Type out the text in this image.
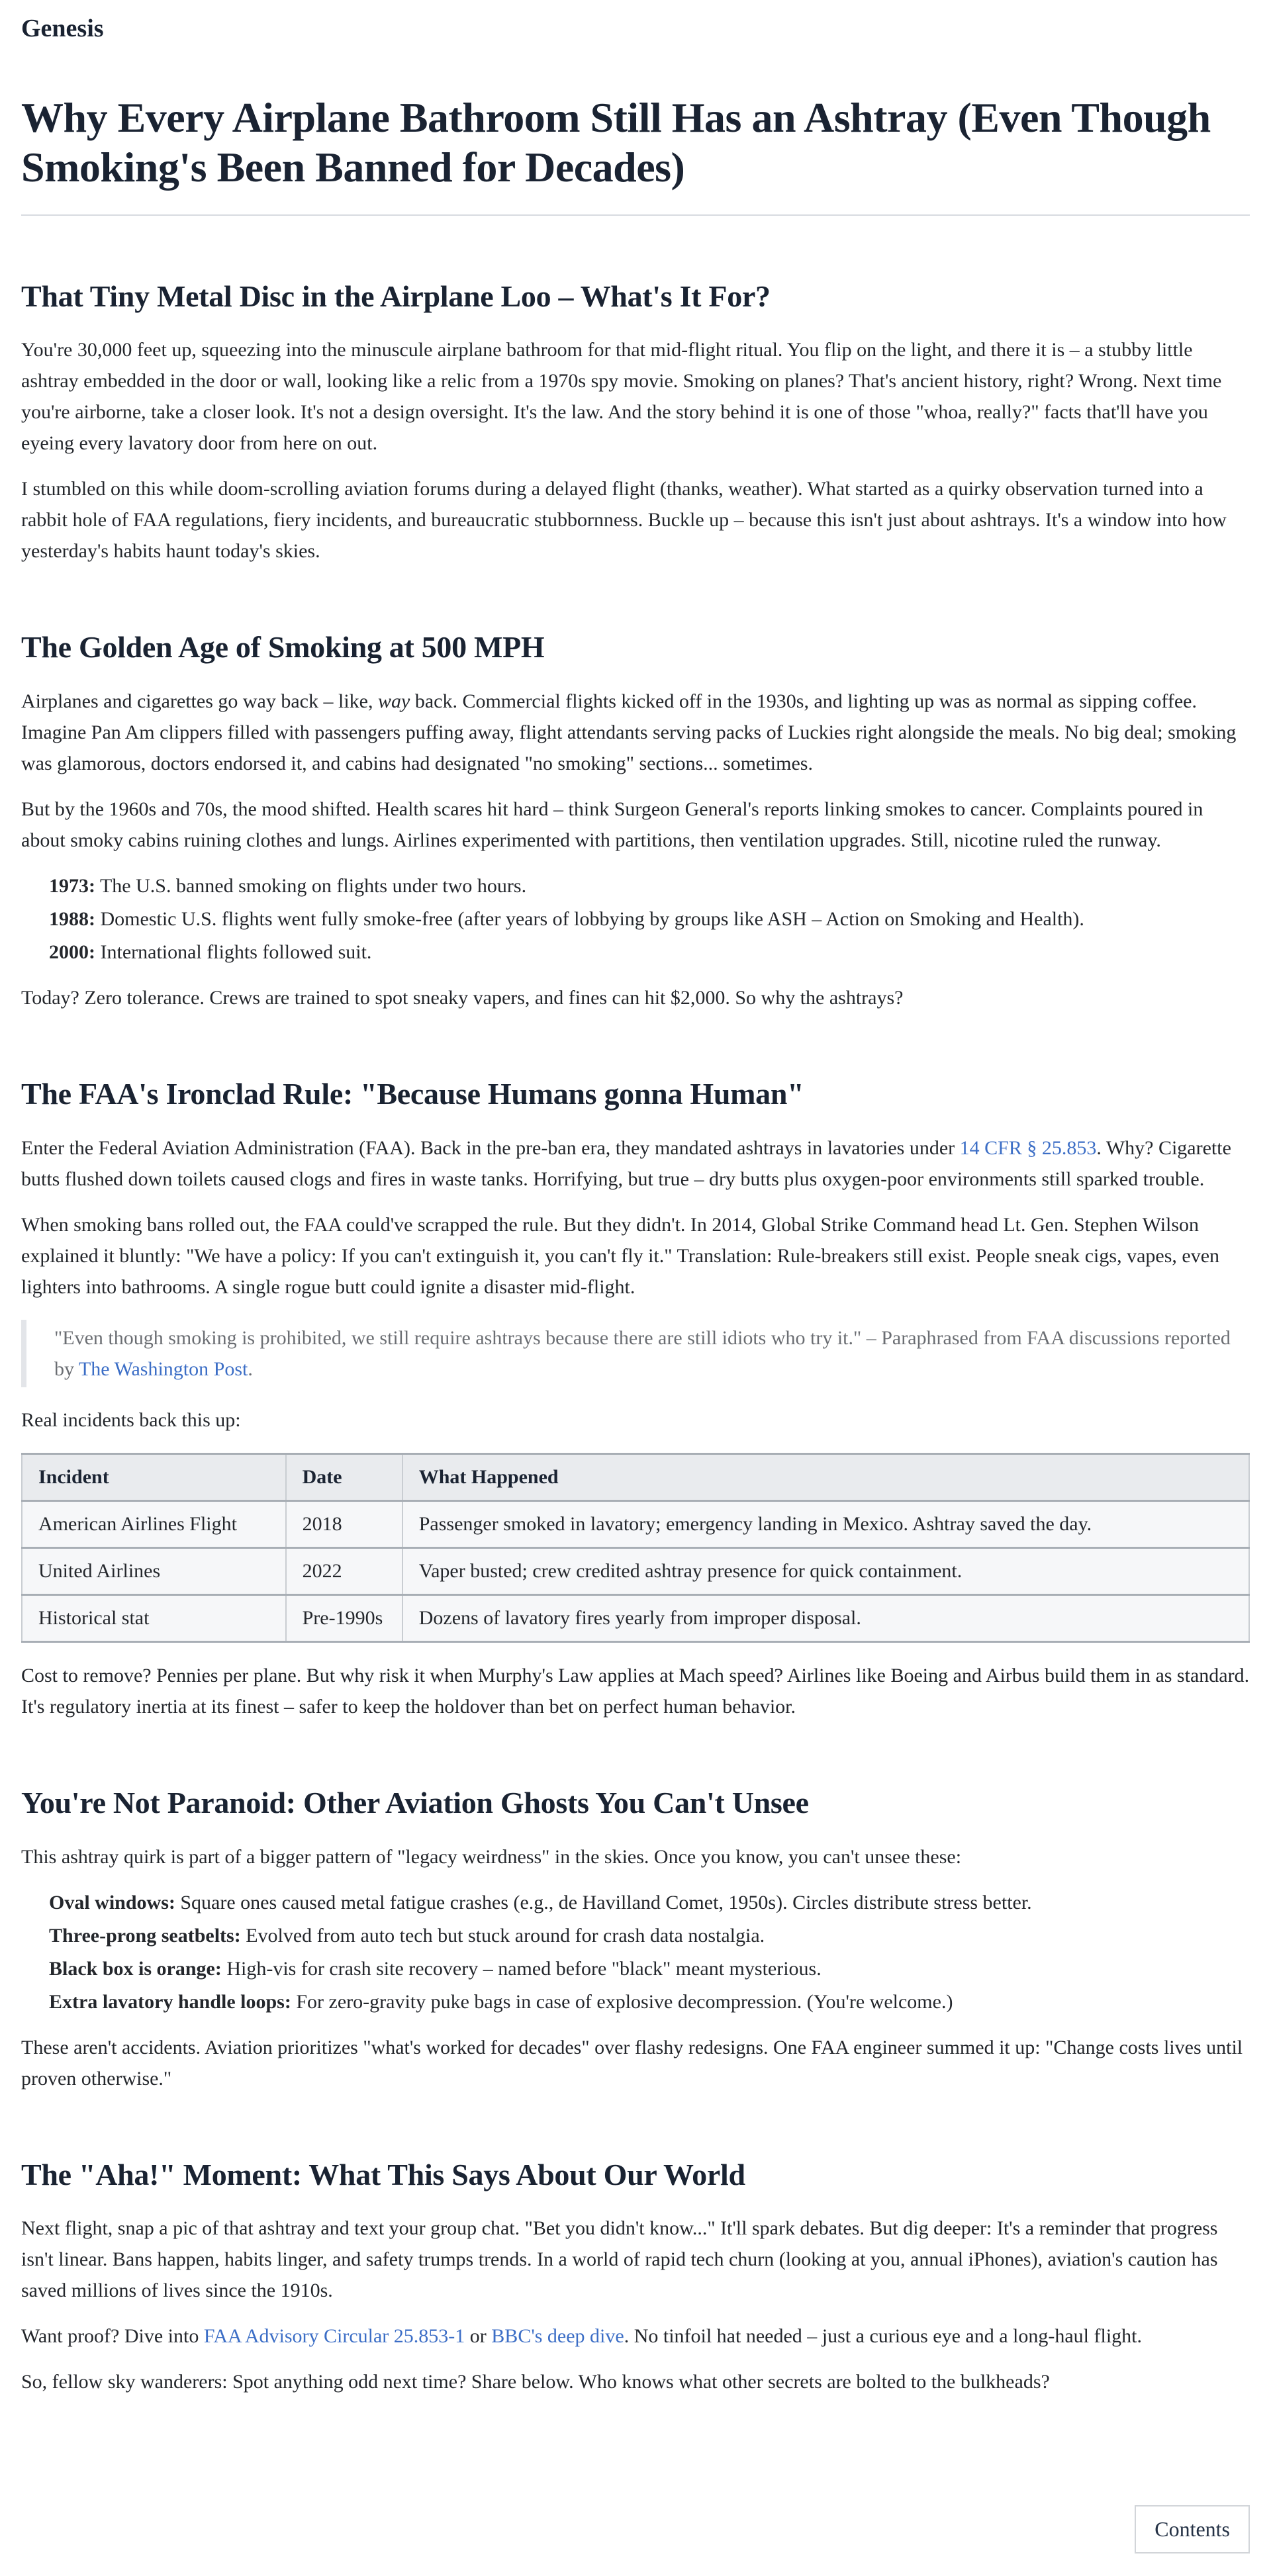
Genesis
Why Every Airplane Bathroom Still Has an Ashtray (Even Though Smoking's Been Banned for Decades)
That Tiny Metal Disc in the Airplane Loo – What's It For?

You're 30,000 feet up, squeezing into the minuscule airplane bathroom for that mid-flight ritual. You flip on the light, and there it is – a stubby little ashtray embedded in the door or wall, looking like a relic from a 1970s spy movie. Smoking on planes? That's ancient history, right? Wrong. Next time you're airborne, take a closer look. It's not a design oversight. It's the law. And the story behind it is one of those "whoa, really?" facts that'll have you eyeing every lavatory door from here on out.

I stumbled on this while doom-scrolling aviation forums during a delayed flight (thanks, weather). What started as a quirky observation turned into a rabbit hole of FAA regulations, fiery incidents, and bureaucratic stubbornness. Buckle up – because this isn't just about ashtrays. It's a window into how yesterday's habits haunt today's skies.

The Golden Age of Smoking at 500 MPH

Airplanes and cigarettes go way back – like, way back. Commercial flights kicked off in the 1930s, and lighting up was as normal as sipping coffee. Imagine Pan Am clippers filled with passengers puffing away, flight attendants serving packs of Luckies right alongside the meals. No big deal; smoking was glamorous, doctors endorsed it, and cabins had designated "no smoking" sections... sometimes.

But by the 1960s and 70s, the mood shifted. Health scares hit hard – think Surgeon General's reports linking smokes to cancer. Complaints poured in about smoky cabins ruining clothes and lungs. Airlines experimented with partitions, then ventilation upgrades. Still, nicotine ruled the runway.

1973: The U.S. banned smoking on flights under two hours.
1988: Domestic U.S. flights went fully smoke-free (after years of lobbying by groups like ASH – Action on Smoking and Health).
2000: International flights followed suit.

Today? Zero tolerance. Crews are trained to spot sneaky vapers, and fines can hit $2,000. So why the ashtrays?

The FAA's Ironclad Rule: "Because Humans gonna Human"

Enter the Federal Aviation Administration (FAA). Back in the pre-ban era, they mandated ashtrays in lavatories under 14 CFR § 25.853. Why? Cigarette butts flushed down toilets caused clogs and fires in waste tanks. Horrifying, but true – dry butts plus oxygen-poor environments still sparked trouble.

When smoking bans rolled out, the FAA could've scrapped the rule. But they didn't. In 2014, Global Strike Command head Lt. Gen. Stephen Wilson explained it bluntly: "We have a policy: If you can't extinguish it, you can't fly it." Translation: Rule-breakers still exist. People sneak cigs, vapes, even lighters into bathrooms. A single rogue butt could ignite a disaster mid-flight.

"Even though smoking is prohibited, we still require ashtrays because there are still idiots who try it." – Paraphrased from FAA discussions reported by The Washington Post.

Real incidents back this up:

Incident	Date	What Happened
American Airlines Flight	2018	Passenger smoked in lavatory; emergency landing in Mexico. Ashtray saved the day.
United Airlines	2022	Vaper busted; crew credited ashtray presence for quick containment.
Historical stat	Pre-1990s	Dozens of lavatory fires yearly from improper disposal.

Cost to remove? Pennies per plane. But why risk it when Murphy's Law applies at Mach speed? Airlines like Boeing and Airbus build them in as standard. It's regulatory inertia at its finest – safer to keep the holdover than bet on perfect human behavior.

You're Not Paranoid: Other Aviation Ghosts You Can't Unsee

This ashtray quirk is part of a bigger pattern of "legacy weirdness" in the skies. Once you know, you can't unsee these:

Oval windows: Square ones caused metal fatigue crashes (e.g., de Havilland Comet, 1950s). Circles distribute stress better.
Three-prong seatbelts: Evolved from auto tech but stuck around for crash data nostalgia.
Black box is orange: High-vis for crash site recovery – named before "black" meant mysterious.
Extra lavatory handle loops: For zero-gravity puke bags in case of explosive decompression. (You're welcome.)

These aren't accidents. Aviation prioritizes "what's worked for decades" over flashy redesigns. One FAA engineer summed it up: "Change costs lives until proven otherwise."

The "Aha!" Moment: What This Says About Our World

Next flight, snap a pic of that ashtray and text your group chat. "Bet you didn't know..." It'll spark debates. But dig deeper: It's a reminder that progress isn't linear. Bans happen, habits linger, and safety trumps trends. In a world of rapid tech churn (looking at you, annual iPhones), aviation's caution has saved millions of lives since the 1910s.

Want proof? Dive into FAA Advisory Circular 25.853-1 or BBC's deep dive. No tinfoil hat needed – just a curious eye and a long-haul flight.

So, fellow sky wanderers: Spot anything odd next time? Share below. Who knows what other secrets are bolted to the bulkheads?

Contents
